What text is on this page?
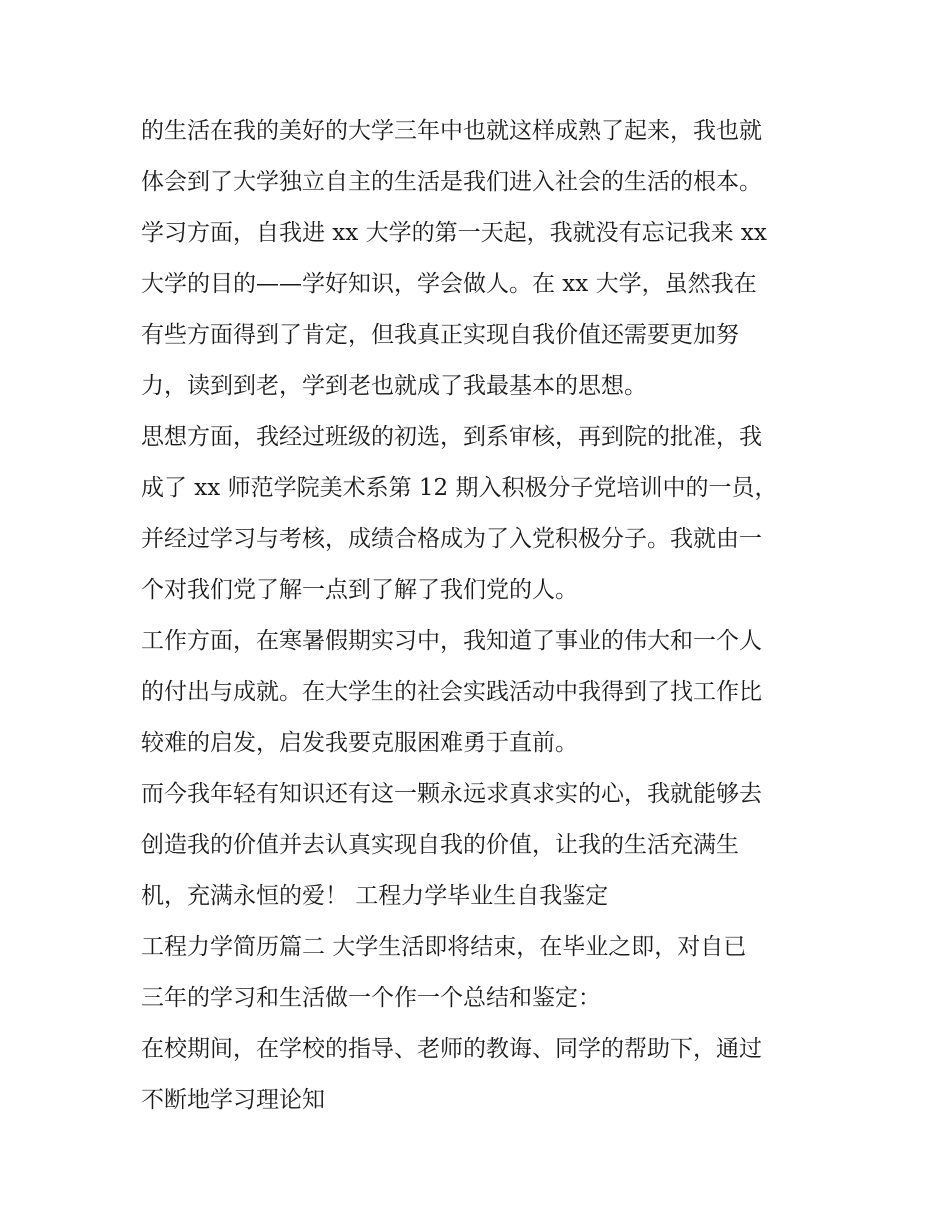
的生活在我的美好的大学三年中也就这样成熟了起来，我也就
体会到了大学独立自主的生活是我们进入社会的生活的根本。
学习方面，自我进 xx 大学的第一天起，我就没有忘记我来 xx
大学的目的——学好知识，学会做人。在 xx 大学，虽然我在
有些方面得到了肯定，但我真正实现自我价值还需要更加努
力，读到到老，学到老也就成了我最基本的思想。
思想方面，我经过班级的初选，到系审核，再到院的批准，我
成了 xx 师范学院美术系第 12 期入积极分子党培训中的一员，
并经过学习与考核，成绩合格成为了入党积极分子。我就由一
个对我们党了解一点到了解了我们党的人。
工作方面，在寒暑假期实习中，我知道了事业的伟大和一个人
的付出与成就。在大学生的社会实践活动中我得到了找工作比
较难的启发，启发我要克服困难勇于直前。
而今我年轻有知识还有这一颗永远求真求实的心，我就能够去
创造我的价值并去认真实现自我的价值，让我的生活充满生
机，充满永恒的爱！ 工程力学毕业生自我鉴定
工程力学简历篇二 大学生活即将结束，在毕业之即，对自已
三年的学习和生活做一个作一个总结和鉴定：
在校期间，在学校的指导、老师的教诲、同学的帮助下，通过
不断地学习理论知
